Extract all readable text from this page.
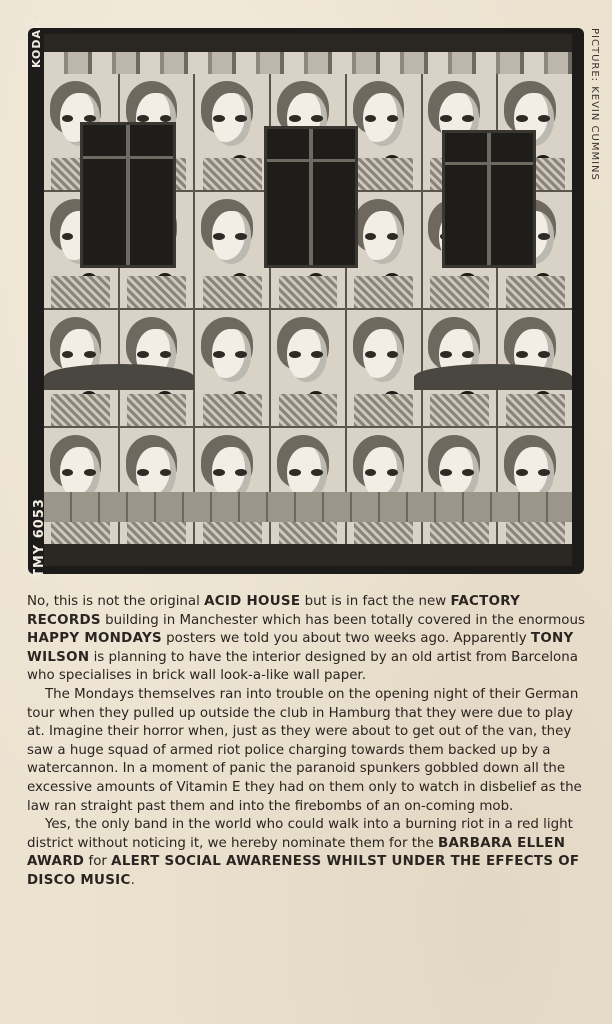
KODAK
TMY 6053
PICTURE: KEVIN CUMMINS

No, this is not the original ACID HOUSE but is in fact the new FACTORY RECORDS building in Manchester which has been totally covered in the enormous HAPPY MONDAYS posters we told you about two weeks ago. Apparently TONY WILSON is planning to have the interior designed by an old artist from Barcelona who specialises in brick wall look-a-like wall paper.

The Mondays themselves ran into trouble on the opening night of their German tour when they pulled up outside the club in Hamburg that they were due to play at. Imagine their horror when, just as they were about to get out of the van, they saw a huge squad of armed riot police charging towards them backed up by a watercannon. In a moment of panic the paranoid spunkers gobbled down all the excessive amounts of Vitamin E they had on them only to watch in disbelief as the law ran straight past them and into the firebombs of an on-coming mob.

Yes, the only band in the world who could walk into a burning riot in a red light district without noticing it, we hereby nominate them for the BARBARA ELLEN AWARD for ALERT SOCIAL AWARENESS WHILST UNDER THE EFFECTS OF DISCO MUSIC.
